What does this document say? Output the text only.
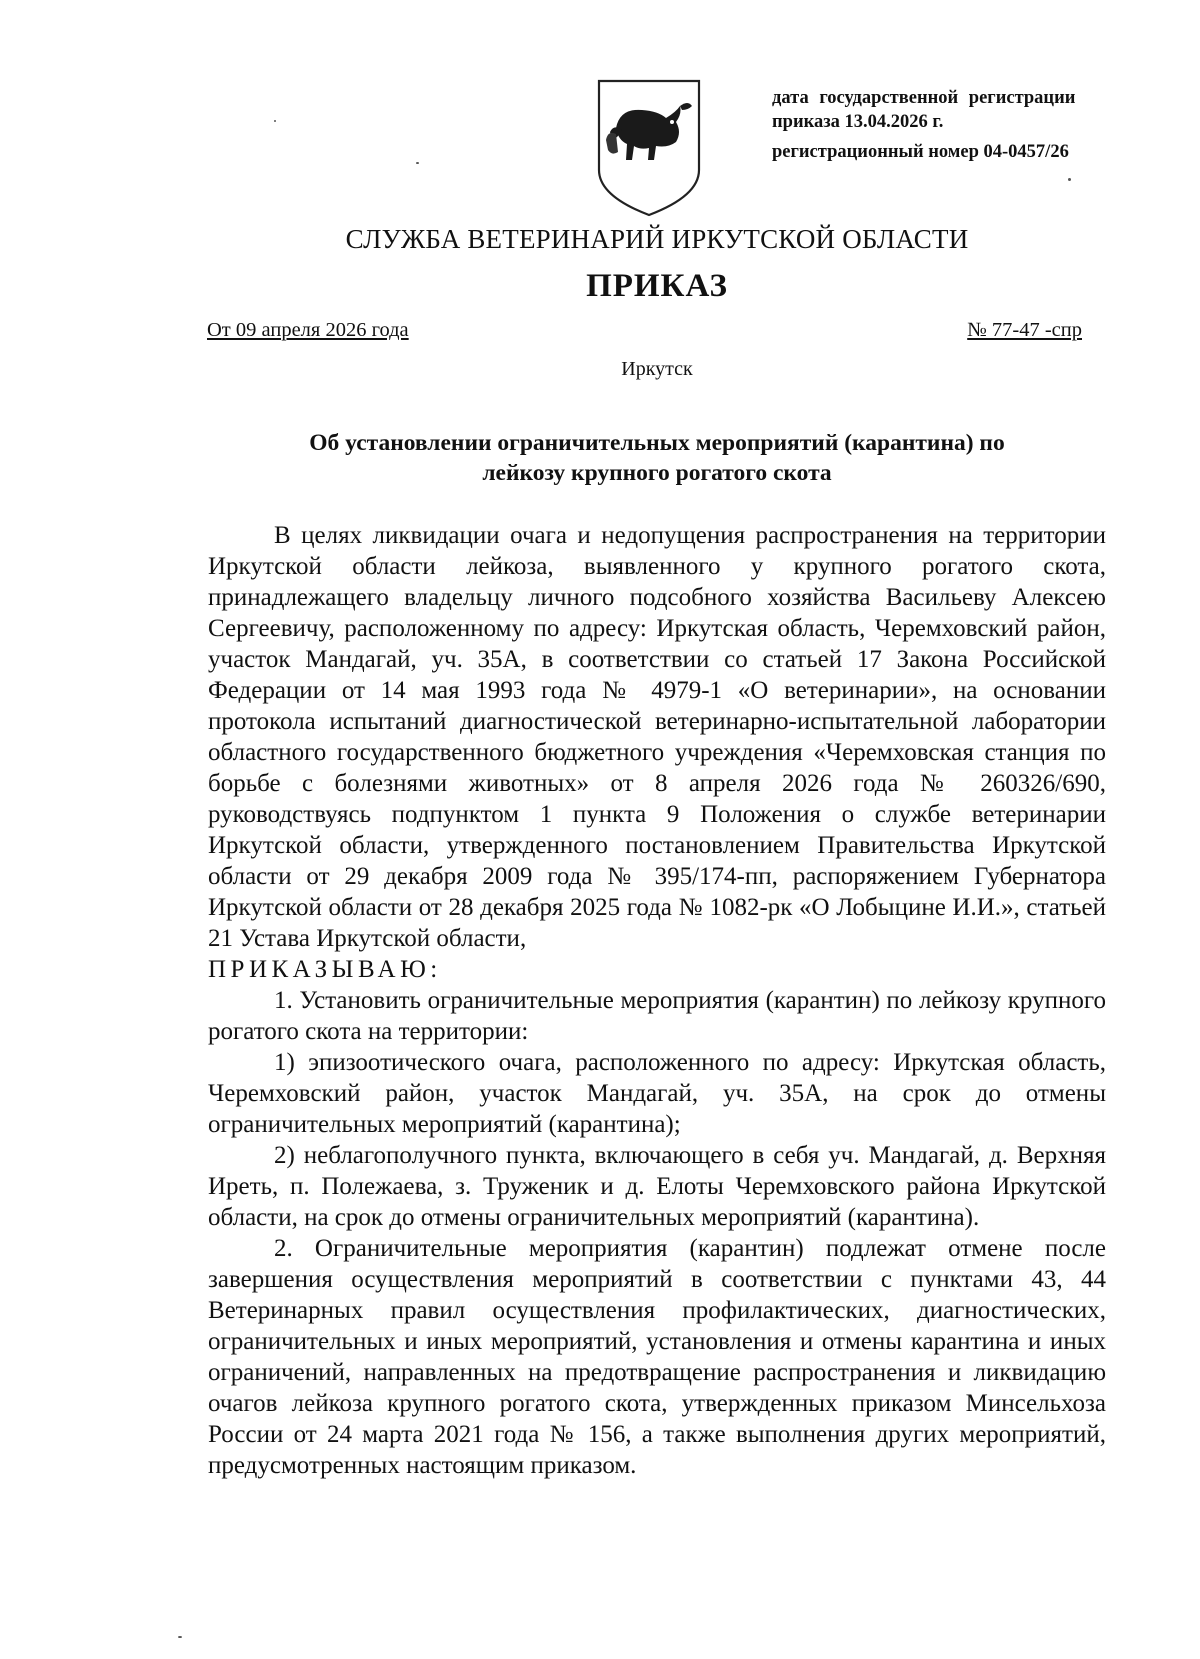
дата государственной регистрации
приказа 13.04.2026 г.
регистрационный номер 04-0457/26
СЛУЖБА ВЕТЕРИНАРИЙ ИРКУТСКОЙ ОБЛАСТИ
ПРИКАЗ
От 09 апреля 2026 года	№ 77-47 -спр
Иркутск
Об установлении ограничительных мероприятий (карантина) по
лейкозу крупного рогатого скота

В целях ликвидации очага и недопущения распространения на территории Иркутской области лейкоза, выявленного у крупного рогатого скота, принадлежащего владельцу личного подсобного хозяйства Васильеву Алексею Сергеевичу, расположенному по адресу: Иркутская область, Черемховский район, участок Мандагай, уч. 35А, в соответствии со статьей 17 Закона Российской Федерации от 14 мая 1993 года № 4979-1 «О ветеринарии», на основании протокола испытаний диагностической ветеринарно-испытательной лаборатории областного государственного бюджетного учреждения «Черемховская станция по борьбе с болезнями животных» от 8 апреля 2026 года № 260326/690, руководствуясь подпунктом 1 пункта 9 Положения о службе ветеринарии Иркутской области, утвержденного постановлением Правительства Иркутской области от 29 декабря 2009 года № 395/174-пп, распоряжением Губернатора Иркутской области от 28 декабря 2025 года № 1082-рк «О Лобыцине И.И.», статьей 21 Устава Иркутской области,

ПРИКАЗЫВАЮ:

1. Установить ограничительные мероприятия (карантин) по лейкозу крупного рогатого скота на территории:

1) эпизоотического очага, расположенного по адресу: Иркутская область, Черемховский район, участок Мандагай, уч. 35А, на срок до отмены ограничительных мероприятий (карантина);

2) неблагополучного пункта, включающего в себя уч. Мандагай, д. Верхняя Ирeть, п. Полежаева, з. Труженик и д. Елоты Черемховского района Иркутской области, на срок до отмены ограничительных мероприятий (карантина).

2. Ограничительные мероприятия (карантин) подлежат отмене после завершения осуществления мероприятий в соответствии с пунктами 43, 44 Ветеринарных правил осуществления профилактических, диагностических, ограничительных и иных мероприятий, установления и отмены карантина и иных ограничений, направленных на предотвращение распространения и ликвидацию очагов лейкоза крупного рогатого скота, утвержденных приказом Минсельхоза России от 24 марта 2021 года № 156, а также выполнения других мероприятий, предусмотренных настоящим приказом.
